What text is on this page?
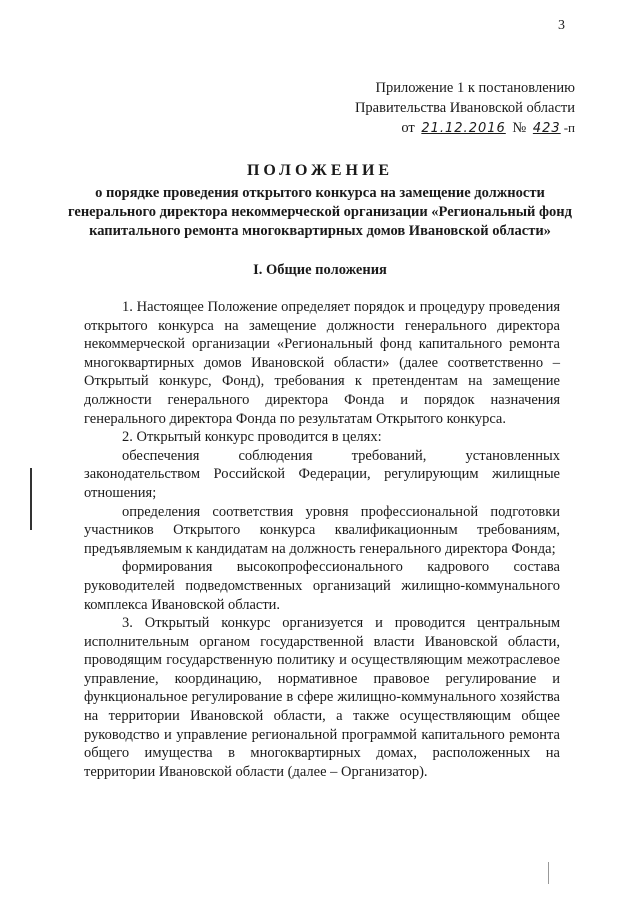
3
Приложение 1 к постановлению
Правительства Ивановской области
от 21.12.2016 № 423 -п
ПОЛОЖЕНИЕ
о порядке проведения открытого конкурса на замещение должности генерального директора некоммерческой организации «Региональный фонд капитального ремонта многоквартирных домов Ивановской области»
I. Общие положения

1. Настоящее Положение определяет порядок и процедуру проведения открытого конкурса на замещение должности генерального директора некоммерческой организации «Региональный фонд капитального ремонта многоквартирных домов Ивановской области» (далее соответственно – Открытый конкурс, Фонд), требования к претендентам на замещение должности генерального директора Фонда и порядок назначения генерального директора Фонда по результатам Открытого конкурса.

2. Открытый конкурс проводится в целях:

обеспечения соблюдения требований, установленных законодательством Российской Федерации, регулирующим жилищные отношения;

определения соответствия уровня профессиональной подготовки участников Открытого конкурса квалификационным требованиям, предъявляемым к кандидатам на должность генерального директора Фонда;

формирования высокопрофессионального кадрового состава руководителей подведомственных организаций жилищно-коммунального комплекса Ивановской области.

3. Открытый конкурс организуется и проводится центральным исполнительным органом государственной власти Ивановской области, проводящим государственную политику и осуществляющим межотраслевое управление, координацию, нормативное правовое регулирование и функциональное регулирование в сфере жилищно-коммунального хозяйства на территории Ивановской области, а также осуществляющим общее руководство и управление региональной программой капитального ремонта общего имущества в многоквартирных домах, расположенных на территории Ивановской области (далее – Организатор).
